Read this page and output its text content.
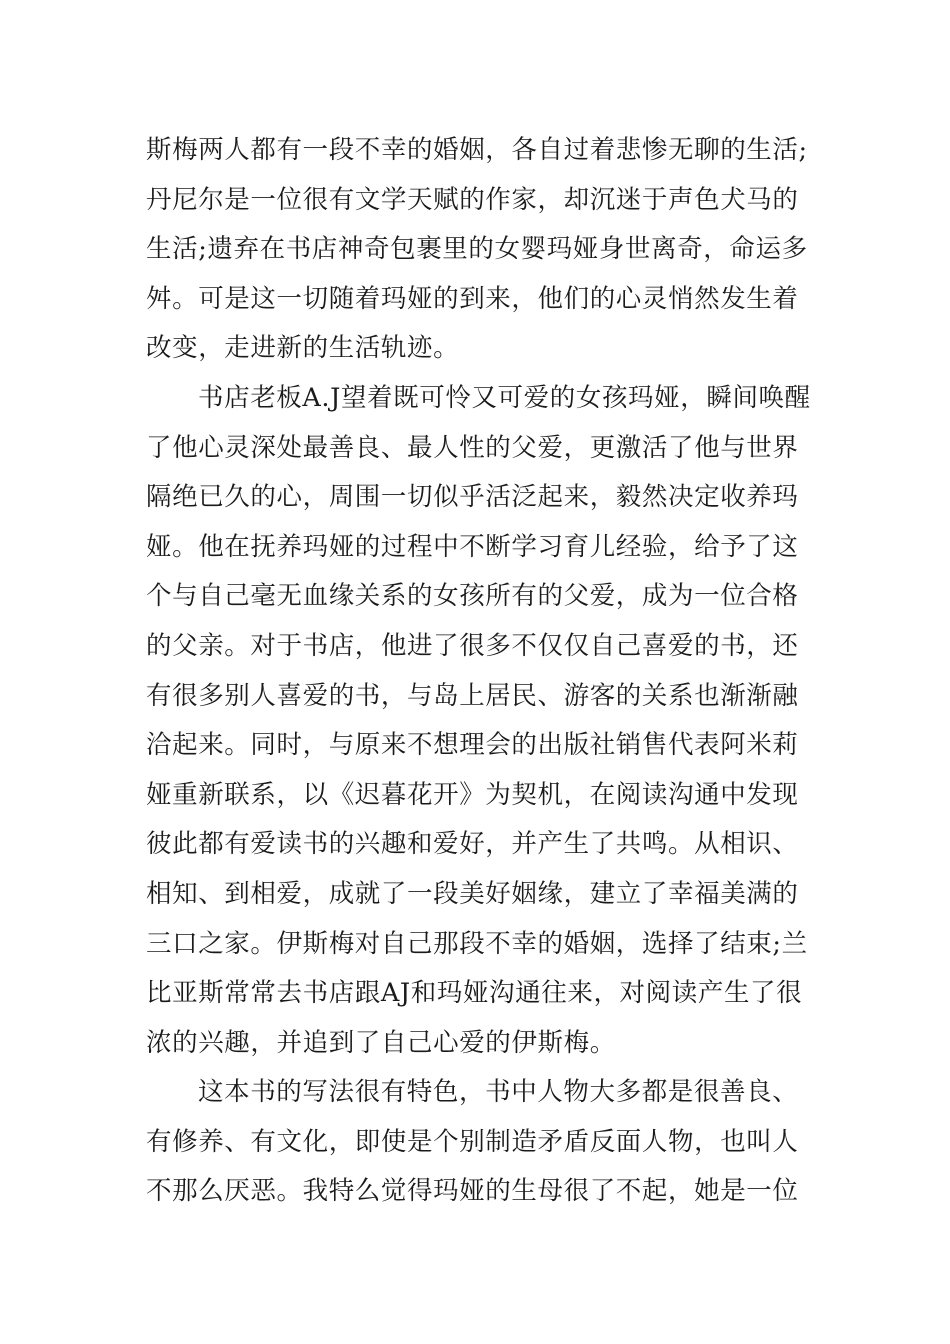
斯梅两人都有一段不幸的婚姻，各自过着悲惨无聊的生活;
丹尼尔是一位很有文学天赋的作家，却沉迷于声色犬马的
生活;遗弃在书店神奇包裹里的女婴玛娅身世离奇，命运多
舛。可是这一切随着玛娅的到来，他们的心灵悄然发生着
改变，走进新的生活轨迹。
书店老板A.J望着既可怜又可爱的女孩玛娅，瞬间唤醒
了他心灵深处最善良、最人性的父爱，更激活了他与世界
隔绝已久的心，周围一切似乎活泛起来，毅然决定收养玛
娅。他在抚养玛娅的过程中不断学习育儿经验，给予了这
个与自己毫无血缘关系的女孩所有的父爱，成为一位合格
的父亲。对于书店，他进了很多不仅仅自己喜爱的书，还
有很多别人喜爱的书，与岛上居民、游客的关系也渐渐融
洽起来。同时，与原来不想理会的出版社销售代表阿米莉
娅重新联系，以《迟暮花开》为契机，在阅读沟通中发现
彼此都有爱读书的兴趣和爱好，并产生了共鸣。从相识、
相知、到相爱，成就了一段美好姻缘，建立了幸福美满的
三口之家。伊斯梅对自己那段不幸的婚姻，选择了结束;兰
比亚斯常常去书店跟AJ和玛娅沟通往来，对阅读产生了很
浓的兴趣，并追到了自己心爱的伊斯梅。
这本书的写法很有特色，书中人物大多都是很善良、
有修养、有文化，即使是个别制造矛盾反面人物，也叫人
不那么厌恶。我特么觉得玛娅的生母很了不起，她是一位
